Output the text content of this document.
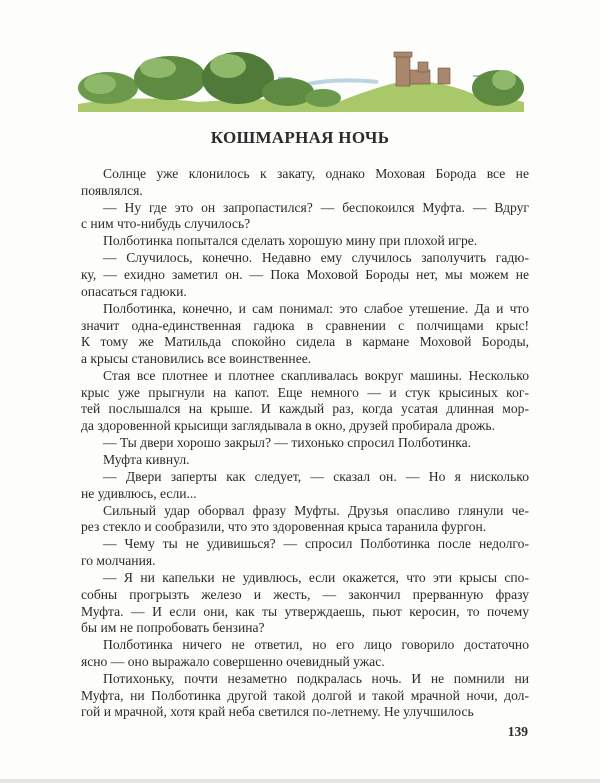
КОШМАРНАЯ НОЧЬ
Солнце уже клонилось к закату, однако Моховая Борода все не
появлялся.
— Ну где это он запропастился? — беспокоился Муфта. — Вдруг
с ним что-нибудь случилось?
Полботинка попытался сделать хорошую мину при плохой игре.
— Случилось, конечно. Недавно ему случилось заполучить гадю-
ку, — ехидно заметил он. — Пока Моховой Бороды нет, мы можем не
опасаться гадюки.
Полботинка, конечно, и сам понимал: это слабое утешение. Да и что
значит одна-единственная гадюка в сравнении с полчищами крыс!
К тому же Матильда спокойно сидела в кармане Моховой Бороды,
а крысы становились все воинственнее.
Стая все плотнее и плотнее скапливалась вокруг машины. Несколько
крыс уже прыгнули на капот. Еще немного — и стук крысиных ког-
тей послышался на крыше. И каждый раз, когда усатая длинная мор-
да здоровенной крысищи заглядывала в окно, друзей пробирала дрожь.
— Ты двери хорошо закрыл? — тихонько спросил Полботинка.
Муфта кивнул.
— Двери заперты как следует, — сказал он. — Но я нисколько
не удивлюсь, если...
Сильный удар оборвал фразу Муфты. Друзья опасливо глянули че-
рез стекло и сообразили, что это здоровенная крыса таранила фургон.
— Чему ты не удивишься? — спросил Полботинка после недолго-
го молчания.
— Я ни капельки не удивлюсь, если окажется, что эти крысы спо-
собны прогрызть железо и жесть, — закончил прерванную фразу
Муфта. — И если они, как ты утверждаешь, пьют керосин, то почему
бы им не попробовать бензина?
Полботинка ничего не ответил, но его лицо говорило достаточно
ясно — оно выражало совершенно очевидный ужас.
Потихоньку, почти незаметно подкралась ночь. И не помнили ни
Муфта, ни Полботинка другой такой долгой и такой мрачной ночи, дол-
гой и мрачной, хотя край неба светился по-летнему. Не улучшилось
139
